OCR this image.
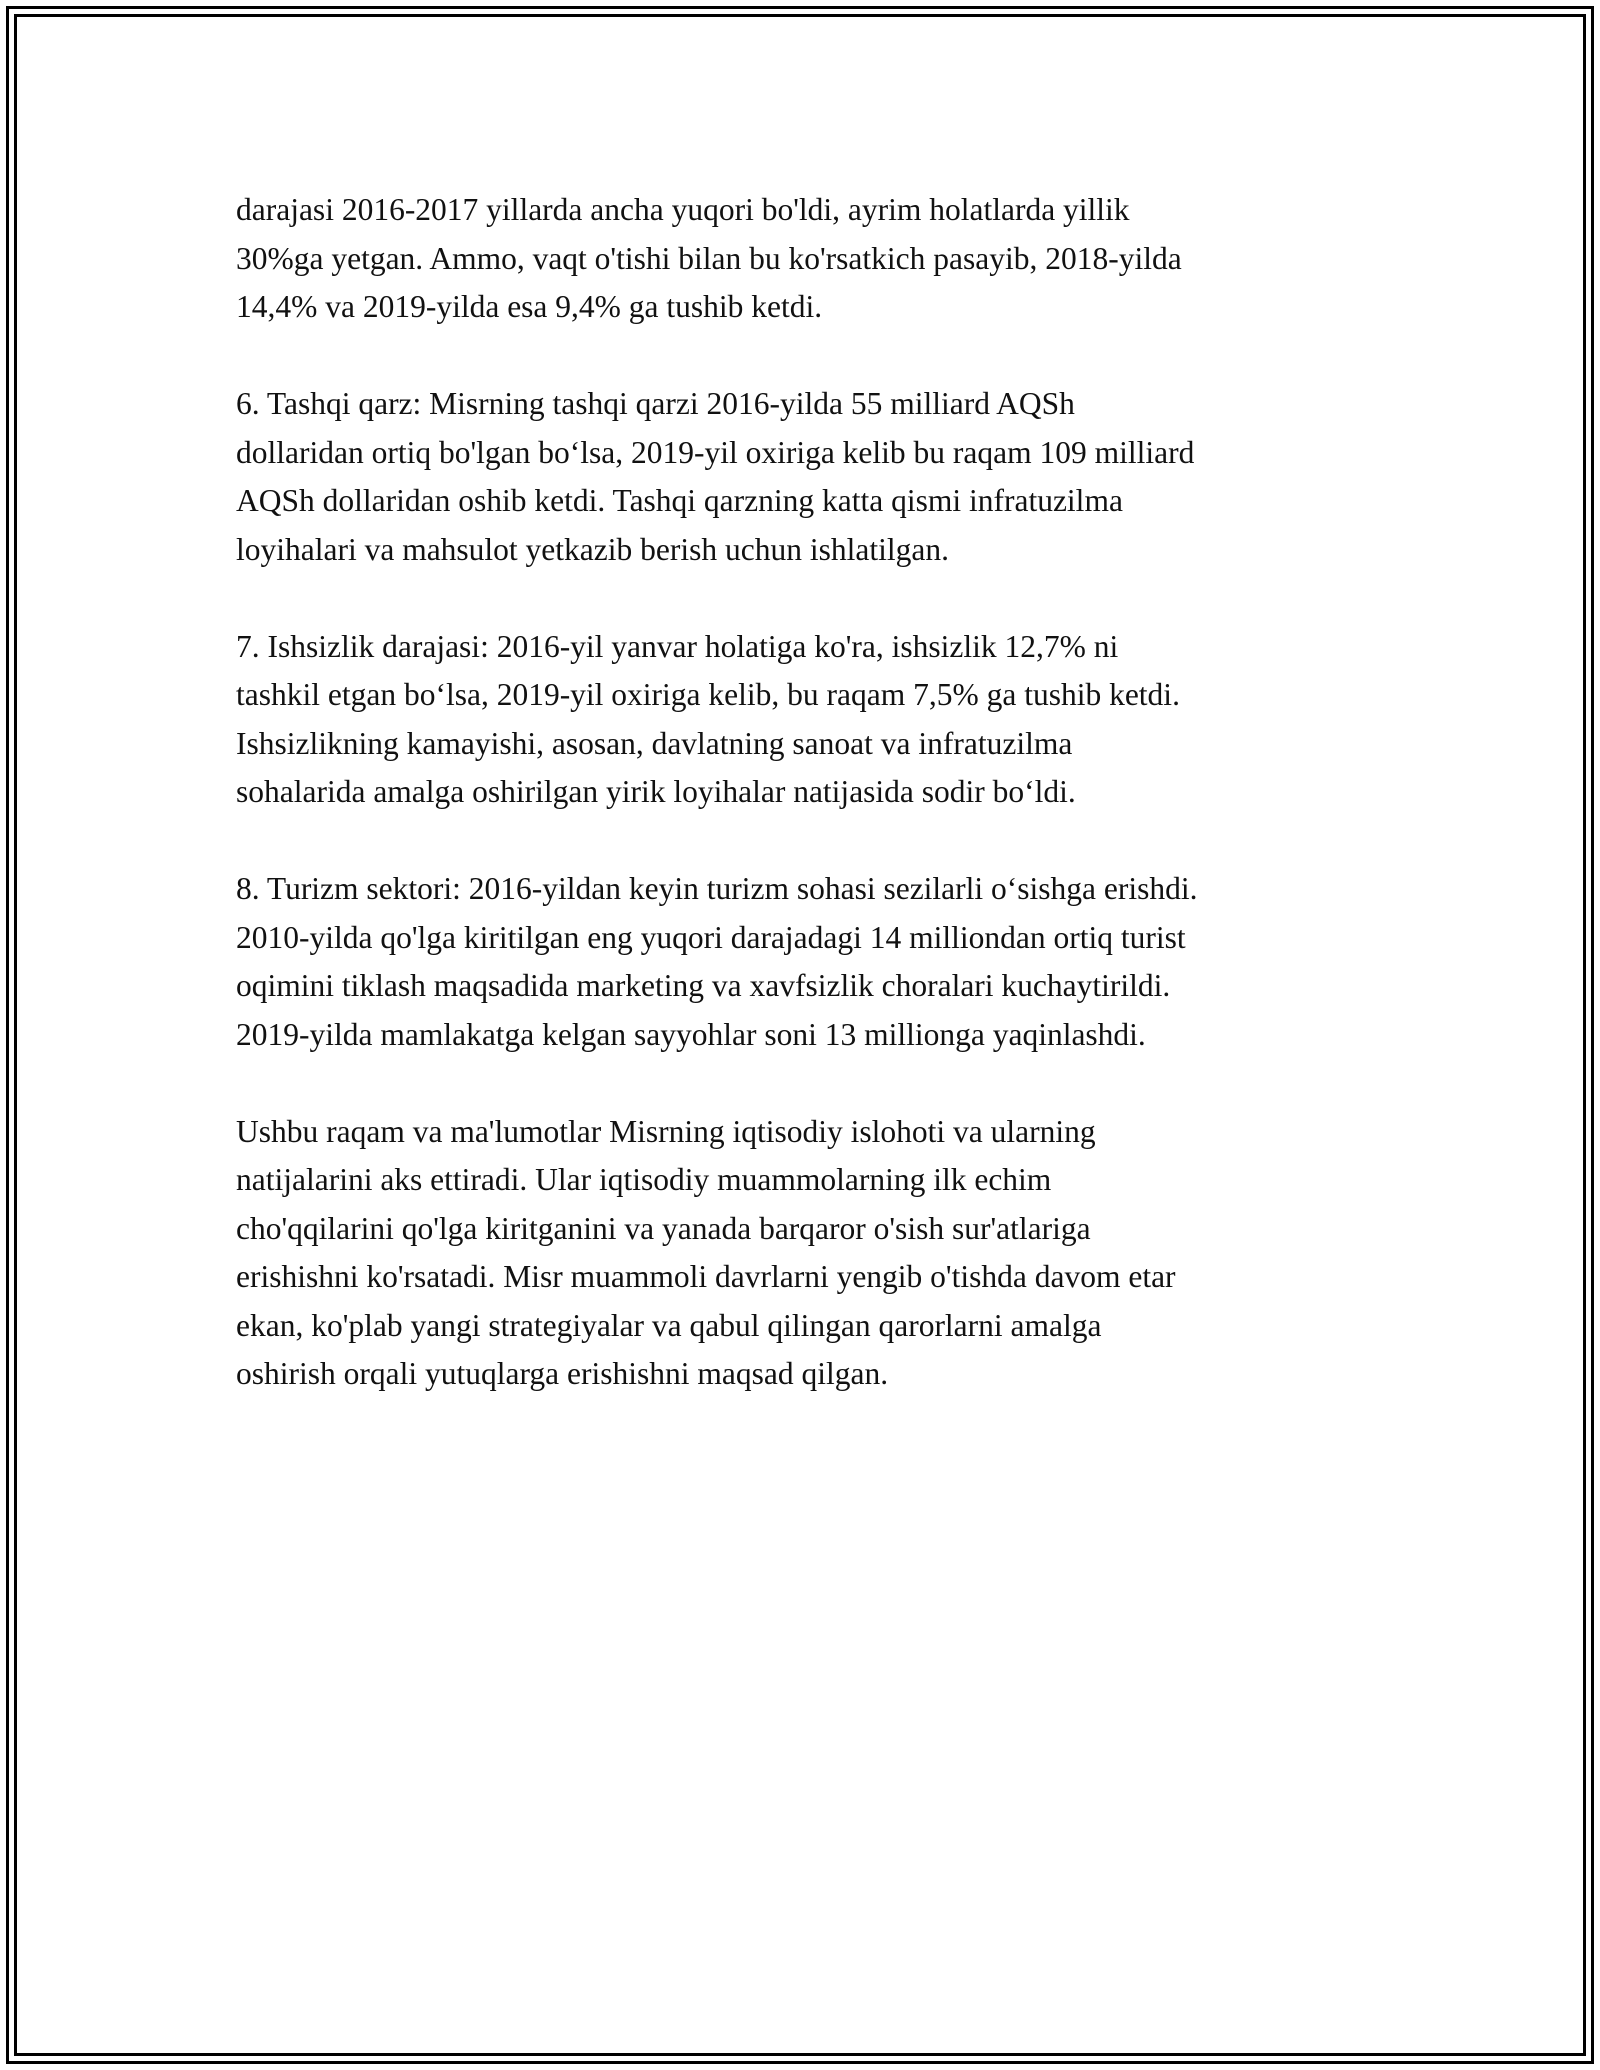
darajasi 2016-2017 yillarda ancha yuqori bo'ldi, ayrim holatlarda yillik
30%ga yetgan. Ammo, vaqt o'tishi bilan bu ko'rsatkich pasayib, 2018-yilda
14,4% va 2019-yilda esa 9,4% ga tushib ketdi.

6. Tashqi qarz: Misrning tashqi qarzi 2016-yilda 55 milliard AQSh
dollaridan ortiq bo'lgan bo‘lsa, 2019-yil oxiriga kelib bu raqam 109 milliard
AQSh dollaridan oshib ketdi. Tashqi qarzning katta qismi infratuzilma
loyihalari va mahsulot yetkazib berish uchun ishlatilgan.

7. Ishsizlik darajasi: 2016-yil yanvar holatiga ko'ra, ishsizlik 12,7% ni
tashkil etgan bo‘lsa, 2019-yil oxiriga kelib, bu raqam 7,5% ga tushib ketdi.
Ishsizlikning kamayishi, asosan, davlatning sanoat va infratuzilma
sohalarida amalga oshirilgan yirik loyihalar natijasida sodir bo‘ldi.

8. Turizm sektori: 2016-yildan keyin turizm sohasi sezilarli o‘sishga erishdi.
2010-yilda qo'lga kiritilgan eng yuqori darajadagi 14 milliondan ortiq turist
oqimini tiklash maqsadida marketing va xavfsizlik choralari kuchaytirildi.
2019-yilda mamlakatga kelgan sayyohlar soni 13 millionga yaqinlashdi.

Ushbu raqam va ma'lumotlar Misrning iqtisodiy islohoti va ularning
natijalarini aks ettiradi. Ular iqtisodiy muammolarning ilk echim
cho'qqilarini qo'lga kiritganini va yanada barqaror o'sish sur'atlariga
erishishni ko'rsatadi. Misr muammoli davrlarni yengib o'tishda davom etar
ekan, ko'plab yangi strategiyalar va qabul qilingan qarorlarni amalga
oshirish orqali yutuqlarga erishishni maqsad qilgan.
